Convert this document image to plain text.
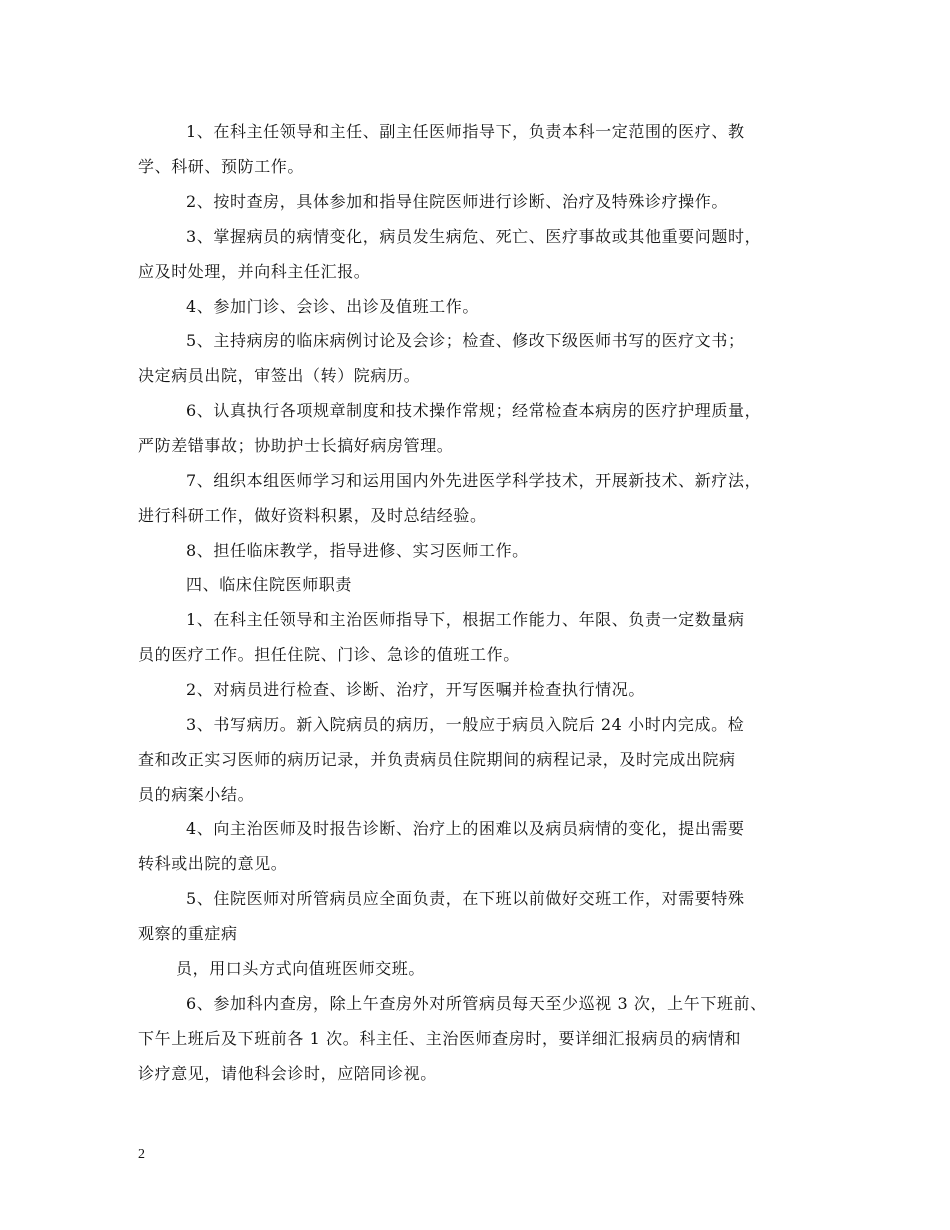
1、在科主任领导和主任、副主任医师指导下，负责本科一定范围的医疗、教
学、科研、预防工作。
2、按时查房，具体参加和指导住院医师进行诊断、治疗及特殊诊疗操作。
3、掌握病员的病情变化，病员发生病危、死亡、医疗事故或其他重要问题时，
应及时处理，并向科主任汇报。
4、参加门诊、会诊、出诊及值班工作。
5、主持病房的临床病例讨论及会诊；检查、修改下级医师书写的医疗文书；
决定病员出院，审签出（转）院病历。
6、认真执行各项规章制度和技术操作常规；经常检查本病房的医疗护理质量，
严防差错事故；协助护士长搞好病房管理。
7、组织本组医师学习和运用国内外先进医学科学技术，开展新技术、新疗法，
进行科研工作，做好资料积累，及时总结经验。
8、担任临床教学，指导进修、实习医师工作。
四、临床住院医师职责
1、在科主任领导和主治医师指导下，根据工作能力、年限、负责一定数量病
员的医疗工作。担任住院、门诊、急诊的值班工作。
2、对病员进行检查、诊断、治疗，开写医嘱并检查执行情况。
3、书写病历。新入院病员的病历，一般应于病员入院后 24 小时内完成。检
查和改正实习医师的病历记录，并负责病员住院期间的病程记录，及时完成出院病
员的病案小结。
4、向主治医师及时报告诊断、治疗上的困难以及病员病情的变化，提出需要
转科或出院的意见。
5、住院医师对所管病员应全面负责，在下班以前做好交班工作，对需要特殊
观察的重症病
员，用口头方式向值班医师交班。
6、参加科内查房，除上午查房外对所管病员每天至少巡视 3 次，上午下班前、
下午上班后及下班前各 1 次。科主任、主治医师查房时，要详细汇报病员的病情和
诊疗意见，请他科会诊时，应陪同诊视。
2
